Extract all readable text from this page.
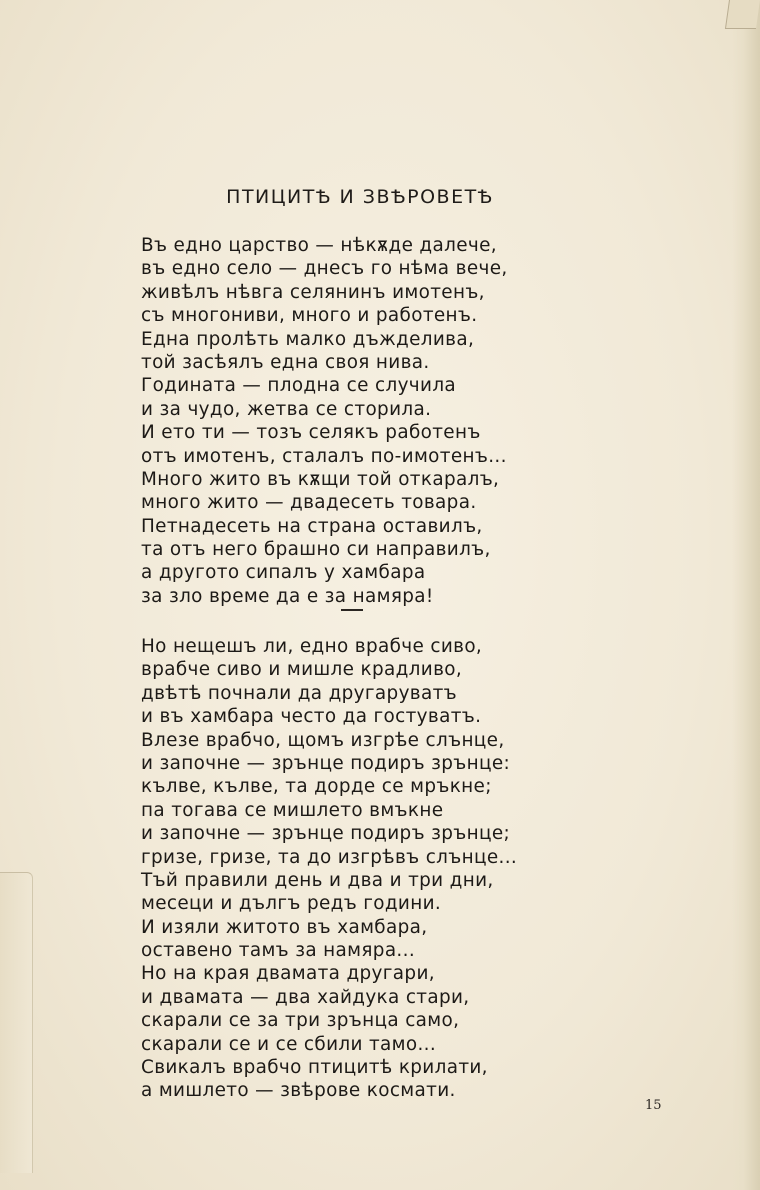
ПТИЦИТѢ И ЗВѢРОВЕТѢ
Въ едно царство — нѣкѫде далече,
въ едно село — днесъ го нѣма вече,
живѣлъ нѣвга селянинъ имотенъ,
съ многониви, много и работенъ.
Една пролѣть малко дъжделива,
той засѣялъ една своя нива.
Годината — плодна се случила
и за чудо, жетва се сторила.
И ето ти — тозъ селякъ работенъ
отъ имотенъ, сталалъ по-имотенъ...
Много жито въ кѫщи той откаралъ,
много жито — двадесеть товара.
Петнадесеть на страна оставилъ,
та отъ него брашно си направилъ,
а другото сипалъ у хамбара
за зло време да е за намяра!
Но нещешъ ли, едно врабче сиво,
врабче сиво и мишле крадливо,
двѣтѣ почнали да другаруватъ
и въ хамбара често да гостуватъ.
Влезе врабчо, щомъ изгрѣе слънце,
и започне — зрънце подиръ зрънце:
кълве, кълве, та дорде се мръкне;
па тогава се мишлето вмъкне
и започне — зрънце подиръ зрънце;
гризе, гризе, та до изгрѣвъ слънце...
Тъй правили день и два и три дни,
месеци и дългъ редъ години.
И изяли житото въ хамбара,
оставено тамъ за намяра...
Но на края двамата другари,
и двамата — два хайдука стари,
скарали се за три зрънца само,
скарали се и се сбили тамо...
Свикалъ врабчо птицитѣ крилати,
а мишлето — звѣрове космати.
15
